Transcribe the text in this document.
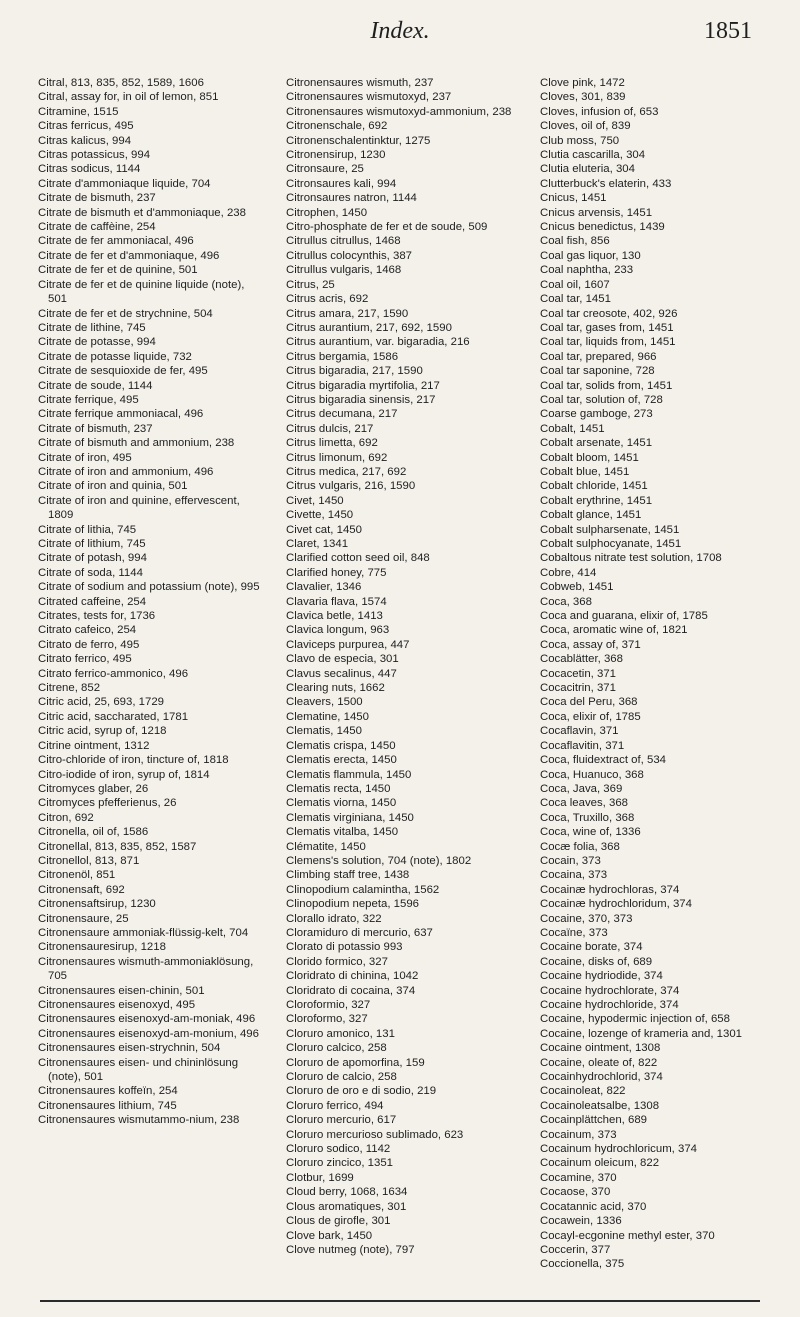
Index.	1851
Citral, 813, 835, 852, 1589, 1606
Citral, assay for, in oil of lemon, 851
Citramine, 1515
Citras ferricus, 495
Citras kalicus, 994
Citras potassicus, 994
Citras sodicus, 1144
Citrate d'ammoniaque liquide, 704
Citrate de bismuth, 237
Citrate de bismuth et d'ammoniaque, 238
Citrate de caffèine, 254
Citrate de fer ammoniacal, 496
Citrate de fer et d'ammoniaque, 496
Citrate de fer et de quinine, 501
Citrate de fer et de quinine liquide (note), 501
Citrate de fer et de strychnine, 504
Citrate de lithine, 745
Citrate de potasse, 994
Citrate de potasse liquide, 732
Citrate de sesquioxide de fer, 495
Citrate de soude, 1144
Citrate ferrique, 495
Citrate ferrique ammoniacal, 496
Citrate of bismuth, 237
Citrate of bismuth and ammonium, 238
Citrate of iron, 495
Citrate of iron and ammonium, 496
Citrate of iron and quinia, 501
Citrate of iron and quinine, effervescent, 1809
Citrate of lithia, 745
Citrate of lithium, 745
Citrate of potash, 994
Citrate of soda, 1144
Citrate of sodium and potassium (note), 995
Citrated caffeine, 254
Citrates, tests for, 1736
Citrato cafeico, 254
Citrato de ferro, 495
Citrato ferrico, 495
Citrato ferrico-ammonico, 496
Citrene, 852
Citric acid, 25, 693, 1729
Citric acid, saccharated, 1781
Citric acid, syrup of, 1218
Citrine ointment, 1312
Citro-chloride of iron, tincture of, 1818
Citro-iodide of iron, syrup of, 1814
Citromyces glaber, 26
Citromyces pfefferienus, 26
Citron, 692
Citronella, oil of, 1586
Citronellal, 813, 835, 852, 1587
Citronellol, 813, 871
Citronenöl, 851
Citronensaft, 692
Citronensaftsirup, 1230
Citronensaure, 25
Citronensaure ammoniak-flüssig-kelt, 704
Citronensauresirup, 1218
Citronensaures wismuth-ammoniaklösung, 705
Citronensaures eisen-chinin, 501
Citronensaures eisenoxyd, 495
Citronensaures eisenoxyd-am-moniak, 496
Citronensaures eisenoxyd-am-monium, 496
Citronensaures eisen-strychnin, 504
Citronensaures eisen- und chininlösung (note), 501
Citronensaures koffeïn, 254
Citronensaures lithium, 745
Citronensaures wismutammo-nium, 238
Citronensaures wismuth, 237
Citronensaures wismutoxyd, 237
Citronensaures wismutoxyd-ammonium, 238
Citronenschale, 692
Citronenschalentinktur, 1275
Citronensirup, 1230
Citronsaure, 25
Citronsaures kali, 994
Citronsaures natron, 1144
Citrophen, 1450
Citro-phosphate de fer et de soude, 509
Citrullus citrullus, 1468
Citrullus colocynthis, 387
Citrullus vulgaris, 1468
Citrus, 25
Citrus acris, 692
Citrus amara, 217, 1590
Citrus aurantium, 217, 692, 1590
Citrus aurantium, var. bigaradia, 216
Citrus bergamia, 1586
Citrus bigaradia, 217, 1590
Citrus bigaradia myrtifolia, 217
Citrus bigaradia sinensis, 217
Citrus decumana, 217
Citrus dulcis, 217
Citrus limetta, 692
Citrus limonum, 692
Citrus medica, 217, 692
Citrus vulgaris, 216, 1590
Civet, 1450
Civette, 1450
Civet cat, 1450
Claret, 1341
Clarified cotton seed oil, 848
Clarified honey, 775
Clavalier, 1346
Clavaria flava, 1574
Clavica betle, 1413
Clavica longum, 963
Claviceps purpurea, 447
Clavo de especia, 301
Clavus secalinus, 447
Clearing nuts, 1662
Cleavers, 1500
Clematine, 1450
Clematis, 1450
Clematis crispa, 1450
Clematis erecta, 1450
Clematis flammula, 1450
Clematis recta, 1450
Clematis viorna, 1450
Clematis virginiana, 1450
Clematis vitalba, 1450
Clématite, 1450
Clemens's solution, 704 (note), 1802
Climbing staff tree, 1438
Clinopodium calamintha, 1562
Clinopodium nepeta, 1596
Clorallo idrato, 322
Cloramiduro di mercurio, 637
Clorato di potassio 993
Clorido formico, 327
Cloridrato di chinina, 1042
Cloridrato di cocaina, 374
Cloroformio, 327
Cloroformo, 327
Cloruro amonico, 131
Cloruro calcico, 258
Cloruro de apomorfina, 159
Cloruro de calcio, 258
Cloruro de oro e di sodio, 219
Cloruro ferrico, 494
Cloruro mercurio, 617
Cloruro mercurioso sublimado, 623
Cloruro sodico, 1142
Cloruro zincico, 1351
Clotbur, 1699
Cloud berry, 1068, 1634
Clous aromatiques, 301
Clous de girofle, 301
Clove bark, 1450
Clove nutmeg (note), 797
Clove pink, 1472
Cloves, 301, 839
Cloves, infusion of, 653
Cloves, oil of, 839
Club moss, 750
Clutia cascarilla, 304
Clutia eluteria, 304
Clutterbuck's elaterin, 433
Cnicus, 1451
Cnicus arvensis, 1451
Cnicus benedictus, 1439
Coal fish, 856
Coal gas liquor, 130
Coal naphtha, 233
Coal oil, 1607
Coal tar, 1451
Coal tar creosote, 402, 926
Coal tar, gases from, 1451
Coal tar, liquids from, 1451
Coal tar, prepared, 966
Coal tar saponine, 728
Coal tar, solids from, 1451
Coal tar, solution of, 728
Coarse gamboge, 273
Cobalt, 1451
Cobalt arsenate, 1451
Cobalt bloom, 1451
Cobalt blue, 1451
Cobalt chloride, 1451
Cobalt erythrine, 1451
Cobalt glance, 1451
Cobalt sulpharsenate, 1451
Cobalt sulphocyanate, 1451
Cobaltous nitrate test solution, 1708
Cobre, 414
Cobweb, 1451
Coca, 368
Coca and guarana, elixir of, 1785
Coca, aromatic wine of, 1821
Coca, assay of, 371
Cocablätter, 368
Cocacetin, 371
Cocacitrin, 371
Coca del Peru, 368
Coca, elixir of, 1785
Cocaflavin, 371
Cocaflavitin, 371
Coca, fluidextract of, 534
Coca, Huanuco, 368
Coca, Java, 369
Coca leaves, 368
Coca, Truxillo, 368
Coca, wine of, 1336
Cocæ folia, 368
Cocain, 373
Cocaina, 373
Cocainæ hydrochloras, 374
Cocainæ hydrochloridum, 374
Cocaine, 370, 373
Cocaïne, 373
Cocaine borate, 374
Cocaine, disks of, 689
Cocaine hydriodide, 374
Cocaine hydrochlorate, 374
Cocaine hydrochloride, 374
Cocaine, hypodermic injection of, 658
Cocaine, lozenge of krameria and, 1301
Cocaine ointment, 1308
Cocaine, oleate of, 822
Cocainhydrochlorid, 374
Cocainoleat, 822
Cocainoleatsalbe, 1308
Cocainplättchen, 689
Cocainum, 373
Cocainum hydrochloricum, 374
Cocainum oleicum, 822
Cocamine, 370
Cocaose, 370
Cocatannic acid, 370
Cocawein, 1336
Cocayl-ecgonine methyl ester, 370
Coccerin, 377
Coccionella, 375
